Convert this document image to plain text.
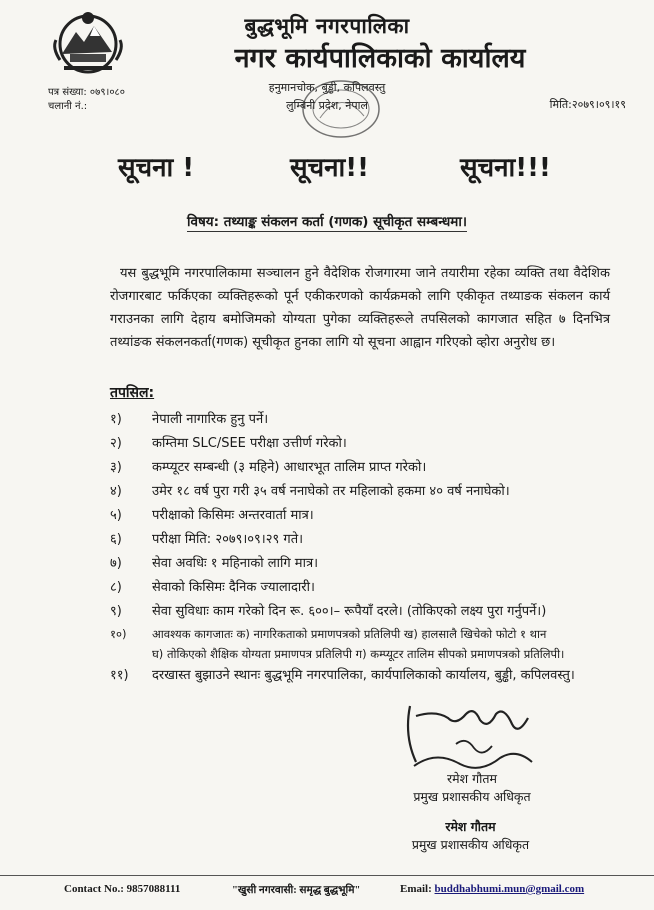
बुद्धभूमि नगरपालिका
नगर कार्यपालिकाको कार्यालय
हनुमानचोक, बुड्ढी, कपिलवस्तु
लुम्बिनी प्रदेश, नेपाल
पत्र संख्या: ०७९।०८०
चलानी नं.:	मिति:२०७९।०९।१९
सूचना !	सूचना!!	सूचना!!!
विषय: तथ्याङ्क संकलन कर्ता (गणक) सूचीकृत सम्बन्धमा।
यस बुद्धभूमि नगरपालिकामा सञ्चालन हुने वैदेशिक रोजगारमा जाने तयारीमा रहेका व्यक्ति तथा वैदेशिक रोजगारबाट फर्किएका व्यक्तिहरूको पूर्न एकीकरणको कार्यक्रमको लागि एकीकृत तथ्याङक संकलन कार्य गराउनका लागि देहाय बमोजिमको योग्यता पुगेका व्यक्तिहरूले तपसिलको कागजात सहित ७ दिनभित्र तथ्यांङक संकलनकर्ता(गणक) सूचीकृत हुनका लागि यो सूचना आह्वान गरिएको व्होरा अनुरोध छ।
तपसिल:
१) नेपाली नागारिक हुनु पर्ने।
२) कम्तिमा SLC/SEE परीक्षा उत्तीर्ण गरेको।
३) कम्प्यूटर सम्बन्धी (३ महिने) आधारभूत तालिम प्राप्त गरेको।
४) उमेर १८ वर्ष पुरा गरी ३५ वर्ष ननाघेको तर महिलाको हकमा ४० वर्ष ननाघेको।
५) परीक्षाको किसिमः अन्तरवार्ता मात्र।
६) परीक्षा मिति: २०७९।०९।२९ गते।
७) सेवा अवधिः १ महिनाको लागि मात्र।
८) सेवाको किसिमः दैनिक ज्यालादारी।
९) सेवा सुविधाः काम गरेको दिन रू. ६००।– रूपैयाँ दरले। (तोकिएको लक्ष्य पुरा गर्नुपर्ने।)
१०) आवश्यक कागजातः क) नागरिकताको प्रमाणपत्रको प्रतिलिपी ख) हालसालै खिचेको फोटो १ थान
घ) तोकिएको शैक्षिक योग्यता प्रमाणपत्र प्रतिलिपी ग) कम्प्यूटर तालिम सीपको प्रमाणपत्रको प्रतिलिपी।
११) दरखास्त बुझाउने स्थानः बुद्धभूमि नगरपालिका, कार्यपालिकाको कार्यालय, बुड्ढी, कपिलवस्तु।
रमेश गौतम
प्रमुख प्रशासकीय अधिकृत
रमेश गौतम
प्रमुख प्रशासकीय अधिकृत
Contact No.: 9857088111	"खुसी नगरवासी: समृद्ध बुद्धभूमि"	Email: buddhabhumi.mun@gmail.com
